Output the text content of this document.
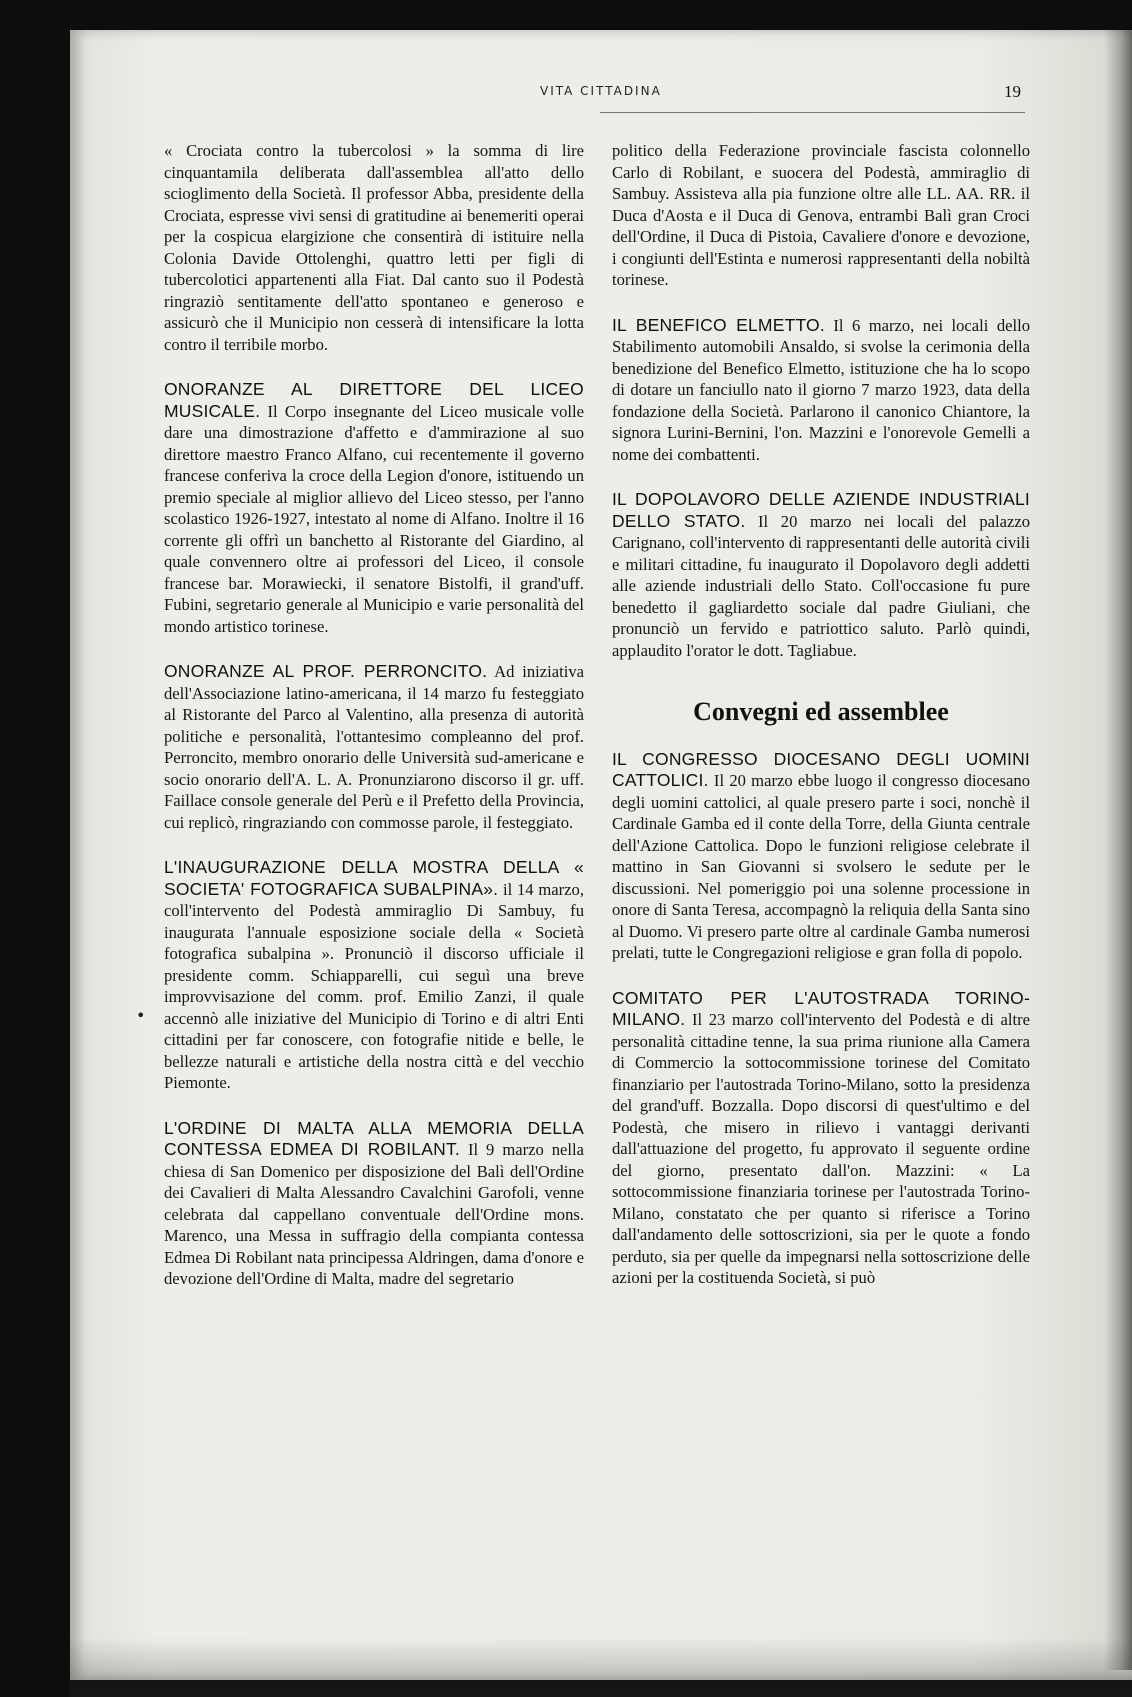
VITA CITTADINA	19
•

« Crociata contro la tubercolosi » la somma di lire cinquantamila deliberata dall'assemblea all'atto dello scioglimento della Società. Il professor Abba, presidente della Crociata, espresse vivi sensi di gratitudine ai benemeriti operai per la cospicua elargizione che consentirà di istituire nella Colonia Davide Ottolenghi, quattro letti per figli di tubercolotici appartenenti alla Fiat. Dal canto suo il Podestà ringraziò sentitamente dell'atto spontaneo e generoso e assicurò che il Municipio non cesserà di intensificare la lotta contro il terribile morbo.

ONORANZE AL DIRETTORE DEL LICEO MUSICALE. Il Corpo insegnante del Liceo musicale volle dare una dimostrazione d'affetto e d'ammirazione al suo direttore maestro Franco Alfano, cui recentemente il governo francese conferiva la croce della Legion d'onore, istituendo un premio speciale al miglior allievo del Liceo stesso, per l'anno scolastico 1926-1927, intestato al nome di Alfano. Inoltre il 16 corrente gli offrì un banchetto al Ristorante del Giardino, al quale convennero oltre ai professori del Liceo, il console francese bar. Morawiecki, il senatore Bistolfi, il grand'uff. Fubini, segretario generale al Municipio e varie personalità del mondo artistico torinese.

ONORANZE AL PROF. PERRONCITO. Ad iniziativa dell'Associazione latino-americana, il 14 marzo fu festeggiato al Ristorante del Parco al Valentino, alla presenza di autorità politiche e personalità, l'ottantesimo compleanno del prof. Perroncito, membro onorario delle Università sud-americane e socio onorario dell'A. L. A. Pronunziarono discorso il gr. uff. Faillace console generale del Perù e il Prefetto della Provincia, cui replicò, ringraziando con commosse parole, il festeggiato.

L'INAUGURAZIONE DELLA MOSTRA DELLA « SOCIETA' FOTOGRAFICA SUBALPINA». il 14 marzo, coll'intervento del Podestà ammiraglio Di Sambuy, fu inaugurata l'annuale esposizione sociale della « Società fotografica subalpina ». Pronunciò il discorso ufficiale il presidente comm. Schiapparelli, cui seguì una breve improvvisazione del comm. prof. Emilio Zanzi, il quale accennò alle iniziative del Municipio di Torino e di altri Enti cittadini per far conoscere, con fotografie nitide e belle, le bellezze naturali e artistiche della nostra città e del vecchio Piemonte.

L'ORDINE DI MALTA ALLA MEMORIA DELLA CONTESSA EDMEA DI ROBILANT. Il 9 marzo nella chiesa di San Domenico per disposizione del Balì dell'Ordine dei Cavalieri di Malta Alessandro Cavalchini Garofoli, venne celebrata dal cappellano conventuale dell'Ordine mons. Marenco, una Messa in suffragio della compianta contessa Edmea Di Robilant nata principessa Aldringen, dama d'onore e devozione dell'Ordine di Malta, madre del segretario

politico della Federazione provinciale fascista colonnello Carlo di Robilant, e suocera del Podestà, ammiraglio di Sambuy. Assisteva alla pia funzione oltre alle LL. AA. RR. il Duca d'Aosta e il Duca di Genova, entrambi Balì gran Croci dell'Ordine, il Duca di Pistoia, Cavaliere d'onore e devozione, i congiunti dell'Estinta e numerosi rappresentanti della nobiltà torinese.

IL BENEFICO ELMETTO. Il 6 marzo, nei locali dello Stabilimento automobili Ansaldo, si svolse la cerimonia della benedizione del Benefico Elmetto, istituzione che ha lo scopo di dotare un fanciullo nato il giorno 7 marzo 1923, data della fondazione della Società. Parlarono il canonico Chiantore, la signora Lurini-Bernini, l'on. Mazzini e l'onorevole Gemelli a nome dei combattenti.

IL DOPOLAVORO DELLE AZIENDE INDUSTRIALI DELLO STATO. Il 20 marzo nei locali del palazzo Carignano, coll'intervento di rappresentanti delle autorità civili e militari cittadine, fu inaugurato il Dopolavoro degli addetti alle aziende industriali dello Stato. Coll'occasione fu pure benedetto il gagliardetto sociale dal padre Giuliani, che pronunciò un fervido e patriottico saluto. Parlò quindi, applaudito l'orator le dott. Tagliabue.

Convegni ed assemblee

IL CONGRESSO DIOCESANO DEGLI UOMINI CATTOLICI. Il 20 marzo ebbe luogo il congresso diocesano degli uomini cattolici, al quale presero parte i soci, nonchè il Cardinale Gamba ed il conte della Torre, della Giunta centrale dell'Azione Cattolica. Dopo le funzioni religiose celebrate il mattino in San Giovanni si svolsero le sedute per le discussioni. Nel pomeriggio poi una solenne processione in onore di Santa Teresa, accompagnò la reliquia della Santa sino al Duomo. Vi presero parte oltre al cardinale Gamba numerosi prelati, tutte le Congregazioni religiose e gran folla di popolo.

COMITATO PER L'AUTOSTRADA TORINO-MILANO. Il 23 marzo coll'intervento del Podestà e di altre personalità cittadine tenne, la sua prima riunione alla Camera di Commercio la sottocommissione torinese del Comitato finanziario per l'autostrada Torino-Milano, sotto la presidenza del grand'uff. Bozzalla. Dopo discorsi di quest'ultimo e del Podestà, che misero in rilievo i vantaggi derivanti dall'attuazione del progetto, fu approvato il seguente ordine del giorno, presentato dall'on. Mazzini: « La sottocommissione finanziaria torinese per l'autostrada Torino-Milano, constatato che per quanto si riferisce a Torino dall'andamento delle sottoscrizioni, sia per le quote a fondo perduto, sia per quelle da impegnarsi nella sottoscrizione delle azioni per la costituenda Società, si può
